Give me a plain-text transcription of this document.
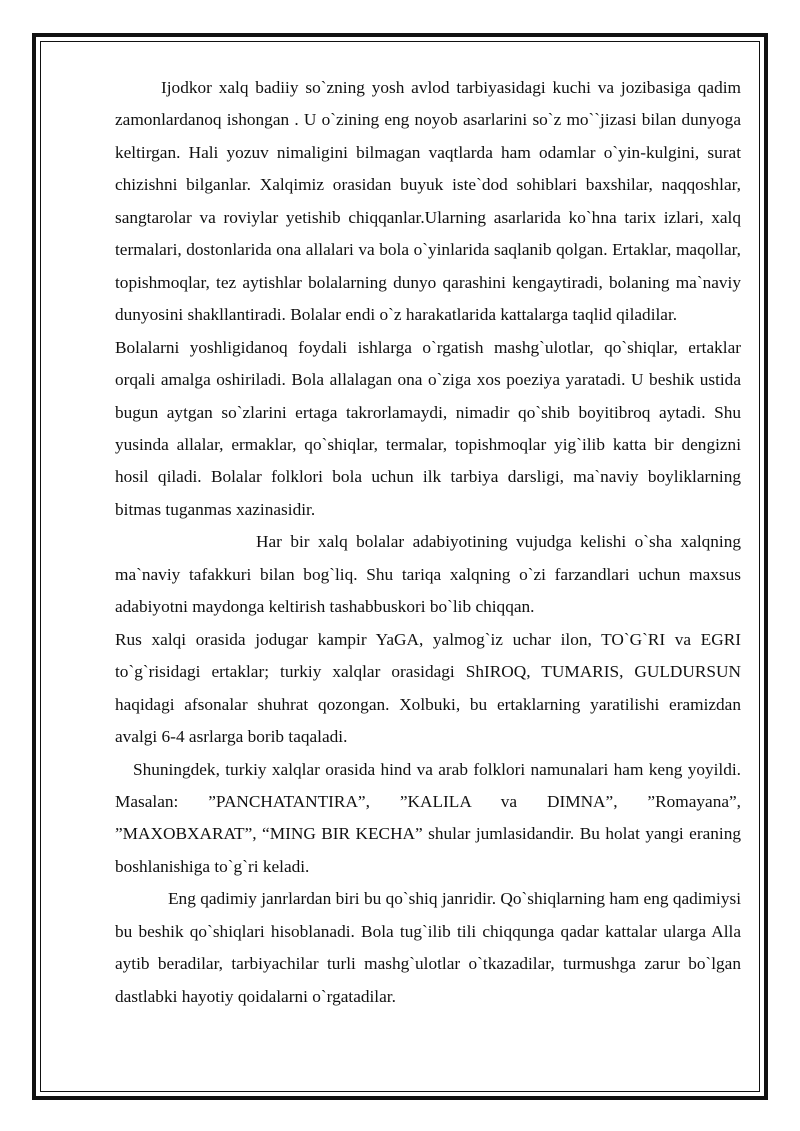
Ijodkor xalq badiiy so`zning yosh avlod tarbiyasidagi kuchi va jozibasiga qadim zamonlardanoq ishongan . U o`zining eng noyob asarlarini so`z mo``jizasi bilan dunyoga keltirgan. Hali yozuv nimaligini bilmagan vaqtlarda ham odamlar o`yin-kulgini, surat chizishni bilganlar. Xalqimiz orasidan buyuk iste`dod sohiblari baxshilar, naqqoshlar, sangtarolar va roviylar yetishib chiqqanlar.Ularning asarlarida ko`hna tarix izlari, xalq termalari, dostonlarida ona allalari va bola o`yinlarida saqlanib qolgan. Ertaklar, maqollar, topishmoqlar, tez aytishlar bolalarning dunyo qarashini kengaytiradi, bolaning ma`naviy dunyosini shakllantiradi. Bolalar endi o`z harakatlarida kattalarga taqlid qiladilar.

Bolalarni yoshligidanoq foydali ishlarga o`rgatish mashg`ulotlar, qo`shiqlar, ertaklar orqali amalga oshiriladi. Bola allalagan ona o`ziga xos poeziya yaratadi. U beshik ustida bugun aytgan so`zlarini ertaga takrorlamaydi, nimadir qo`shib boyitibroq aytadi. Shu yusinda allalar, ermaklar, qo`shiqlar, termalar, topishmoqlar yig`ilib katta bir dengizni hosil qiladi. Bolalar folklori bola uchun ilk tarbiya darsligi, ma`naviy boyliklarning bitmas tuganmas xazinasidir.

Har bir xalq bolalar adabiyotining vujudga kelishi o`sha xalqning ma`naviy tafakkuri bilan bog`liq. Shu tariqa xalqning o`zi farzandlari uchun maxsus adabiyotni maydonga keltirish tashabbuskori bo`lib chiqqan.

Rus xalqi orasida jodugar kampir YaGA, yalmog`iz uchar ilon, TO`G`RI va EGRI to`g`risidagi ertaklar; turkiy xalqlar orasidagi ShIROQ, TUMARIS, GULDURSUN haqidagi afsonalar shuhrat qozongan. Xolbuki, bu ertaklarning yaratilishi eramizdan avalgi 6-4 asrlarga borib taqaladi.

Shuningdek, turkiy xalqlar orasida hind va arab folklori namunalari ham keng yoyildi. Masalan: ”PANCHATANTIRA”, ”KALILA va DIMNA”, ”Romayana”, ”MAXOBXARAT”, “MING BIR KECHA” shular jumlasidandir. Bu holat yangi eraning boshlanishiga to`g`ri keladi.

Eng qadimiy janrlardan biri bu qo`shiq janridir. Qo`shiqlarning ham eng qadimiysi bu beshik qo`shiqlari hisoblanadi. Bola tug`ilib tili chiqqunga qadar kattalar ularga Alla aytib beradilar, tarbiyachilar turli mashg`ulotlar o`tkazadilar, turmushga zarur bo`lgan dastlabki hayotiy qoidalarni o`rgatadilar.
